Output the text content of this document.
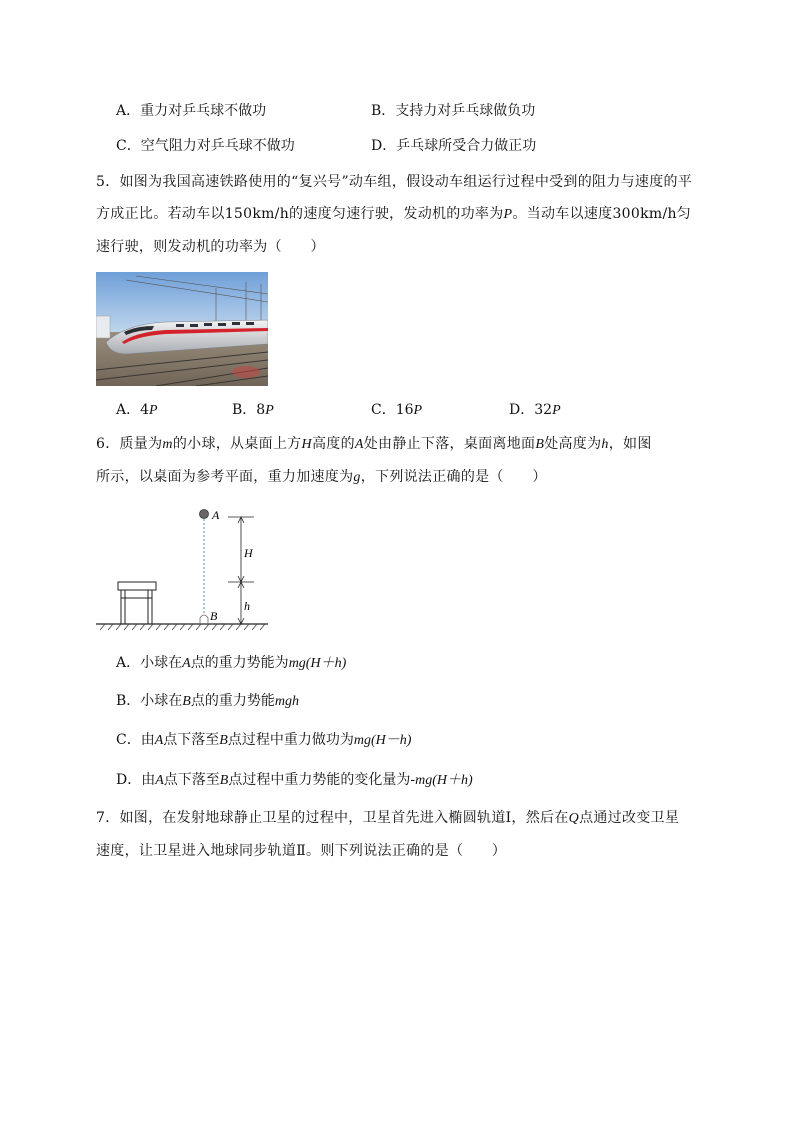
A．重力对乒乓球不做功	B．支持力对乒乓球做负功
C．空气阻力对乒乓球不做功	D．乒乓球所受合力做正功
5．如图为我国高速铁路使用的“复兴号”动车组，假设动车组运行过程中受到的阻力与速度的平
方成正比。若动车以150km/h的速度匀速行驶，发动机的功率为P。当动车以速度300km/h匀
速行驶，则发动机的功率为（　　）
A．4P	B．8P	C．16P	D．32P
6．质量为m的小球，从桌面上方H高度的A处由静止下落，桌面离地面B处高度为h，如图
所示，以桌面为参考平面，重力加速度为g，下列说法正确的是（　　）
A
B
H
h
A．小球在A点的重力势能为mg(H＋h)
B．小球在B点的重力势能mgh
C．由A点下落至B点过程中重力做功为mg(H－h)
D．由A点下落至B点过程中重力势能的变化量为-mg(H＋h)
7．如图，在发射地球静止卫星的过程中，卫星首先进入椭圆轨道Ⅰ，然后在Q点通过改变卫星
速度，让卫星进入地球同步轨道Ⅱ。则下列说法正确的是（　　）
